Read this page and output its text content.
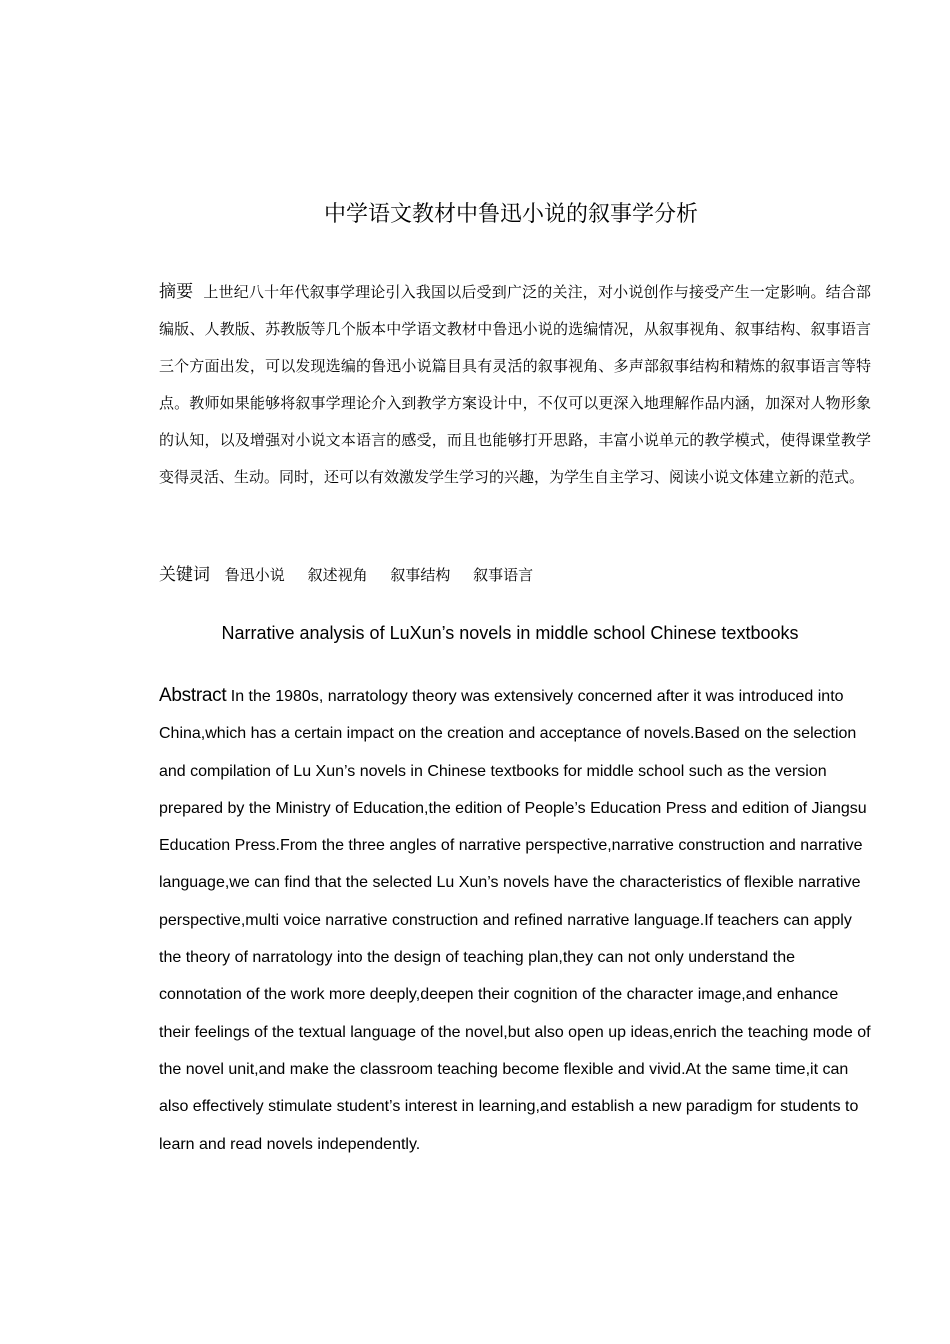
中学语文教材中鲁迅小说的叙事学分析

摘要 上世纪八十年代叙事学理论引入我国以后受到广泛的关注，对小说创作与接受产生一定影响。结合部编版、人教版、苏教版等几个版本中学语文教材中鲁迅小说的选编情况，从叙事视角、叙事结构、叙事语言三个方面出发，可以发现选编的鲁迅小说篇目具有灵活的叙事视角、多声部叙事结构和精炼的叙事语言等特点。教师如果能够将叙事学理论介入到教学方案设计中，不仅可以更深入地理解作品内涵，加深对人物形象的认知，以及增强对小说文本语言的感受，而且也能够打开思路，丰富小说单元的教学模式，使得课堂教学变得灵活、生动。同时，还可以有效激发学生学习的兴趣，为学生自主学习、阅读小说文体建立新的范式。

关键词 鲁迅小说 叙述视角 叙事结构 叙事语言
Narrative analysis of LuXun’s novels in middle school Chinese textbooks

Abstract In the 1980s, narratology theory was extensively concerned after it was introduced into China,which has a certain impact on the creation and acceptance of novels.Based on the selection and compilation of Lu Xun’s novels in Chinese textbooks for middle school such as the version prepared by the Ministry of Education,the edition of People’s Education Press and edition of Jiangsu Education Press.From the three angles of narrative perspective,narrative construction and narrative language,we can find that the selected Lu Xun’s novels have the characteristics of flexible narrative perspective,multi voice narrative construction and refined narrative language.If teachers can apply the theory of narratology into the design of teaching plan,they can not only understand the connotation of the work more deeply,deepen their cognition of the character image,and enhance their feelings of the textual language of the novel,but also open up ideas,enrich the teaching mode of the novel unit,and make the classroom teaching become flexible and vivid.At the same time,it can also effectively stimulate student’s interest in learning,and establish a new paradigm for students to learn and read novels independently.
